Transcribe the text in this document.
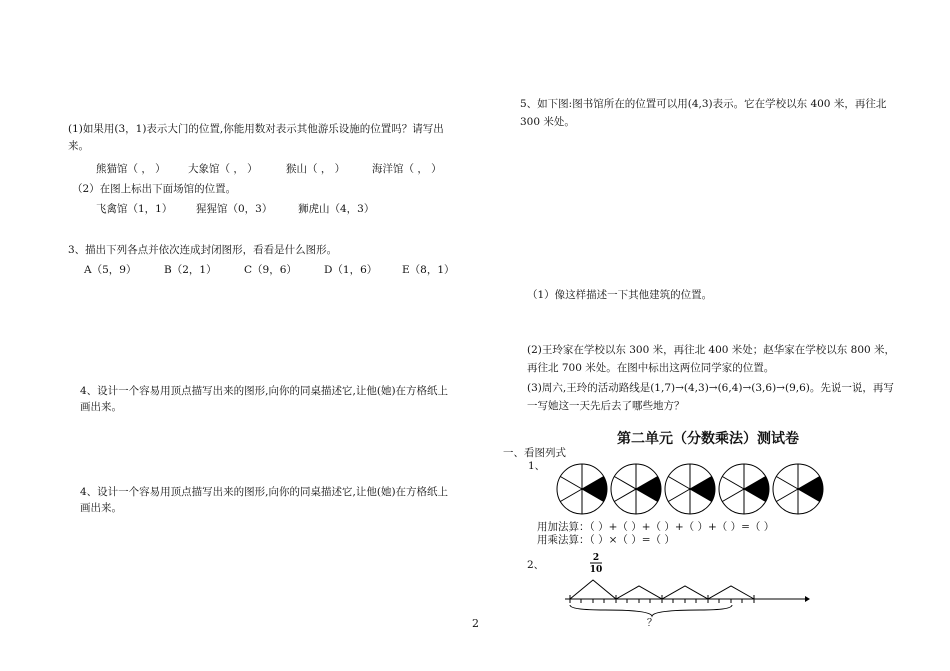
(1)如果用(3，1)表示大门的位置,你能用数对表示其他游乐设施的位置吗？请写出来。
熊猫馆（ ， ） 大象馆（ ， ）	猴山（ ， ）	海洋馆（ ， ）
（2）在图上标出下面场馆的位置。
飞禽馆（1，1） 猩猩馆（0，3） 狮虎山（4，3）
3、描出下列各点并依次连成封闭图形，看看是什么图形。
A（5，9）	B（2，1）	C（9，6）	D（1，6） E（8，1）
4、设计一个容易用顶点描写出来的图形,向你的同桌描述它,让他(她)在方格纸上画出来。
4、设计一个容易用顶点描写出来的图形,向你的同桌描述它,让他(她)在方格纸上画出来。
5、如下图:图书馆所在的位置可以用(4,3)表示。它在学校以东 400 米，再往北 300 米处。
（1）像这样描述一下其他建筑的位置。
(2)王玲家在学校以东 300 米，再往北 400 米处；赵华家在学校以东 800 米，再往北 700 米处。在图中标出这两位同学家的位置。
(3)周六,王玲的活动路线是(1,7)→(4,3)→(6,4)→(3,6)→(9,6)。先说一说，再写一写她这一天先后去了哪些地方？
第二单元（分数乘法）测试卷
一、看图列式
1、
用加法算：（ ）+（ ）+（ ）+（ ）+（ ）=（ ）
用乘法算：（ ）×（ ）=（ ）
2、
2
10
？
2
